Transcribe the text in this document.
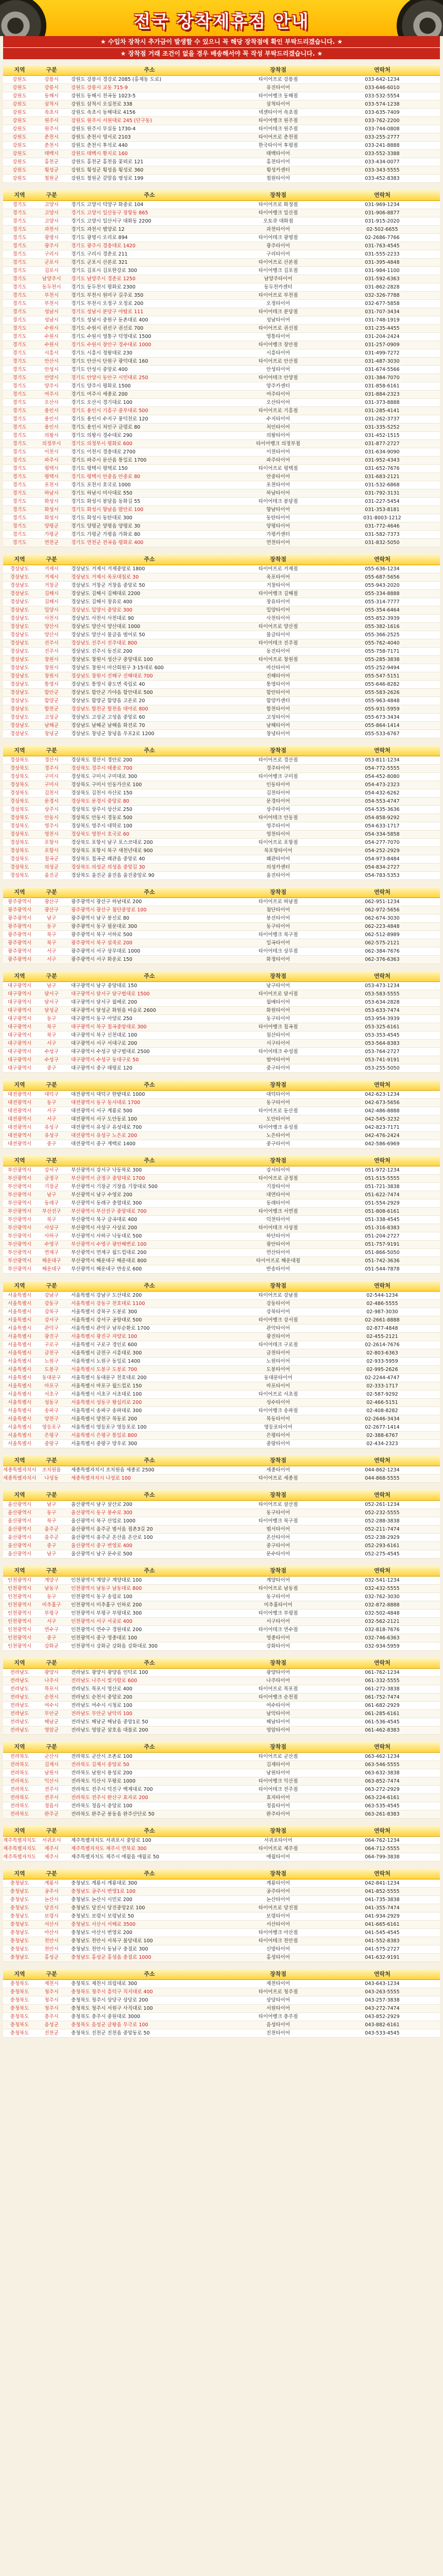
전국 장착제휴점 안내
★ 수입차 장착시 추가금이 발생할 수 있으니 꼭 해당 장착점에 확인 부탁드리겠습니다. ★
★ 장착점 거래 조건이 없을 경우 배송해서야 꼭 작성 부탁드리겠습니다. ★
지역	구분	주소	장착점	연락처
강원도	강릉시	강원도 강릉시 경강로 2085 (홍제동 도로)	타이어프로 강릉점	033-642-1234
강원도	강릉시	강원도 강릉시 교동 715-9	유진타이어	033-646-6010
강원도	동해시	강원도 동해시 천곡동 1023-5	타이어뱅크 동해점	033-532-5554
강원도	삼척시	강원도 삼척시 오십천로 338	삼척타이어	033-574-1238
강원도	속초시	강원도 속초시 동해대로 4156	넥센타이어 속초점	033-635-7409
강원도	원주시	강원도 원주시 서원대로 245 (단구동)	타이어뱅크 원주점	033-762-2200
강원도	원주시	강원도 원주시 무실동 1730-4	타이어테크 원주점	033-744-0808
강원도	춘천시	강원도 춘천시 영서로 2103	타이어프로 춘천점	033-255-2777
강원도	춘천시	강원도 춘천시 후석로 440	한국타이어 후평점	033-241-8888
강원도	태백시	강원도 태백시 황지로 160	태백타이어	033-552-3388
강원도	홍천군	강원도 홍천군 홍천읍 꽃뫼로 121	홍천타이어	033-434-0077
강원도	횡성군	강원도 횡성군 횡성읍 횡성로 360	횡성카센터	033-343-5555
강원도	철원군	강원도 철원군 갈말읍 명성로 199	철원타이어	033-452-8383
지역	구분	주소	장착점	연락처
경기도	고양시	경기도 고양시 덕양구 화중로 104	타이어프로 화정점	031-969-1234
경기도	고양시	경기도 고양시 일산동구 장항동 865	타이어뱅크 일산점	031-906-8877
경기도	고양시	경기도 고양시 일산서구 대화동 2200	오토큐 대화점	031-915-2020
경기도	과천시	경기도 과천시 별양로 12	과천타이어	02-502-6655
경기도	광명시	경기도 광명시 오리로 894	타이어테크 광명점	02-2686-7766
경기도	광주시	경기도 광주시 경충대로 1420	광주타이어	031-763-4545
경기도	구리시	경기도 구리시 경춘로 211	구리타이어	031-555-2233
경기도	군포시	경기도 군포시 산본로 321	타이어프로 산본점	031-395-4848
경기도	김포시	경기도 김포시 김포한강로 300	타이어뱅크 김포점	031-984-1100
경기도	남양주시	경기도 남양주시 경춘로 1250	남양주타이어	031-592-6363
경기도	동두천시	경기도 동두천시 평화로 2300	동두천카센터	031-862-2828
경기도	부천시	경기도 부천시 원미구 길주로 350	타이어프로 부천점	032-326-7788
경기도	부천시	경기도 부천시 오정구 오정로 200	오정타이어	032-677-5858
경기도	성남시	경기도 성남시 분당구 야탑로 111	타이어테크 분당점	031-707-3434
경기도	성남시	경기도 성남시 중원구 둔촌대로 400	성남타이어	031-748-1919
경기도	수원시	경기도 수원시 권선구 권선로 700	타이어프로 권선점	031-235-4455
경기도	수원시	경기도 수원시 영통구 덕영대로 1500	영통타이어	031-204-2424
경기도	수원시	경기도 수원시 장안구 경수대로 1000	타이어뱅크 장안점	031-257-0909
경기도	시흥시	경기도 시흥시 정왕대로 230	시흥타이어	031-499-7272
경기도	안산시	경기도 안산시 단원구 광덕대로 160	타이어프로 안산점	031-487-3030
경기도	안성시	경기도 안성시 중앙로 400	안성타이어	031-674-5566
경기도	안양시	경기도 안양시 동안구 시민대로 250	타이어테크 안양점	031-384-7070
경기도	양주시	경기도 양주시 평화로 1500	양주카센터	031-858-6161
경기도	여주시	경기도 여주시 세종로 200	여주타이어	031-884-2323
경기도	오산시	경기도 오산시 경기대로 100	오산타이어	031-373-8888
경기도	용인시	경기도 용인시 기흥구 중부대로 500	타이어프로 기흥점	031-285-4141
경기도	용인시	경기도 용인시 수지구 풍덕천로 120	수지타이어	031-262-3737
경기도	용인시	경기도 용인시 처인구 금령로 80	처인타이어	031-335-5252
경기도	의왕시	경기도 의왕시 경수대로 290	의왕타이어	031-452-1515
경기도	의정부시	경기도 의정부시 평화로 600	타이어뱅크 의정부점	031-877-2727
경기도	이천시	경기도 이천시 경충대로 2700	이천타이어	031-634-9090
경기도	파주시	경기도 파주시 문산읍 통일로 1700	파주타이어	031-952-4343
경기도	평택시	경기도 평택시 평택로 150	타이어프로 평택점	031-652-7676
경기도	평택시	경기도 평택시 안중읍 안중로 80	안중타이어	031-683-2121
경기도	포천시	경기도 포천시 호국로 1000	포천타이어	031-532-6868
경기도	하남시	경기도 하남시 미사대로 550	하남타이어	031-792-3131
경기도	화성시	경기도 화성시 봉담읍 동화길 55	타이어테크 봉담점	031-227-5454
경기도	화성시	경기도 화성시 향남읍 발안로 100	향남타이어	031-353-8181
경기도	화성시	경기도 화성시 동탄대로 300	동탄타이어	031-8003-1212
경기도	양평군	경기도 양평군 양평읍 양평로 30	양평타이어	031-772-4646
경기도	가평군	경기도 가평군 가평읍 가화로 80	가평카센터	031-582-7373
경기도	연천군	경기도 연천군 전곡읍 평화로 400	연천타이어	031-832-5050
지역	구분	주소	장착점	연락처
경상남도	거제시	경상남도 거제시 거제중앙로 1800	타이어프로 거제점	055-636-1234
경상남도	거제시	경상남도 거제시 옥포대첩로 30	옥포타이어	055-687-5656
경상남도	거창군	경상남도 거창군 거창읍 중앙로 50	거창타이어	055-943-2020
경상남도	김해시	경상남도 김해시 김해대로 2200	타이어뱅크 김해점	055-334-8888
경상남도	김해시	경상남도 김해시 장유로 400	장유타이어	055-314-7777
경상남도	밀양시	경상남도 밀양시 중앙로 300	밀양타이어	055-354-6464
경상남도	사천시	경상남도 사천시 사천대로 90	사천타이어	055-852-3939
경상남도	양산시	경상남도 양산시 양산대로 1000	타이어프로 양산점	055-382-1616
경상남도	양산시	경상남도 양산시 물금읍 범어로 50	물금타이어	055-366-2525
경상남도	진주시	경상남도 진주시 진주대로 800	타이어테크 진주점	055-762-4040
경상남도	진주시	경상남도 진주시 동진로 200	동진타이어	055-758-7171
경상남도	창원시	경상남도 창원시 성산구 중앙대로 100	타이어프로 창원점	055-285-3838
경상남도	창원시	경상남도 창원시 마산회원구 3·15대로 600	마산타이어	055-252-9494
경상남도	창원시	경상남도 창원시 진해구 진해대로 700	진해타이어	055-547-5151
경상남도	통영시	경상남도 통영시 광도면 죽림로 40	통영타이어	055-646-8282
경상남도	함안군	경상남도 함안군 가야읍 함안대로 500	함안타이어	055-583-2626
경상남도	함양군	경상남도 함양군 함양읍 고운로 20	함양카센터	055-963-4848
경상남도	합천군	경상남도 합천군 합천읍 대야로 800	합천타이어	055-931-5959
경상남도	고성군	경상남도 고성군 고성읍 중앙로 60	고성타이어	055-673-3434
경상남도	남해군	경상남도 남해군 남해읍 화전로 70	남해타이어	055-864-1414
경상남도	창녕군	경상남도 창녕군 창녕읍 우포2로 1200	창녕타이어	055-533-6767
지역	구분	주소	장착점	연락처
경상북도	경산시	경상북도 경산시 경안로 200	타이어프로 경산점	053-811-1234
경상북도	경주시	경상북도 경주시 태종로 700	경주타이어	054-772-5555
경상북도	구미시	경상북도 구미시 구미대로 300	타이어뱅크 구미점	054-452-8080
경상북도	구미시	경상북도 구미시 인동가산로 100	인동타이어	054-473-2323
경상북도	김천시	경상북도 김천시 자산로 150	김천타이어	054-432-6262
경상북도	문경시	경상북도 문경시 중앙로 80	문경타이어	054-553-4747
경상북도	상주시	경상북도 상주시 상산로 250	상주타이어	054-535-3636
경상북도	안동시	경상북도 안동시 경동로 500	타이어테크 안동점	054-858-9292
경상북도	영주시	경상북도 영주시 대학로 100	영주타이어	054-633-1717
경상북도	영천시	경상북도 영천시 호국로 60	영천타이어	054-334-5858
경상북도	포항시	경상북도 포항시 남구 포스코대로 200	타이어프로 포항점	054-277-7070
경상북도	포항시	경상북도 포항시 북구 새천년대로 900	북포항타이어	054-252-2929
경상북도	칠곡군	경상북도 칠곡군 왜관읍 중앙로 40	왜관타이어	054-973-8484
경상북도	의성군	경상북도 의성군 의성읍 중앙길 30	의성카센터	054-834-2727
경상북도	울진군	경상북도 울진군 울진읍 울진중앙로 90	울진타이어	054-783-5353
지역	구분	주소	장착점	연락처
광주광역시	광산구	광주광역시 광산구 하남대로 200	타이어프로 하남점	062-951-1234
광주광역시	광산구	광주광역시 광산구 첨단중앙로 100	첨단타이어	062-972-5656
광주광역시	남구	광주광역시 남구 봉선로 80	봉선타이어	062-674-3030
광주광역시	동구	광주광역시 동구 필문대로 300	동구타이어	062-223-4848
광주광역시	북구	광주광역시 북구 서하로 500	타이어뱅크 북구점	062-512-8989
광주광역시	북구	광주광역시 북구 설죽로 200	일곡타이어	062-575-2121
광주광역시	서구	광주광역시 서구 상무대로 1000	타이어테크 상무점	062-384-7676
광주광역시	서구	광주광역시 서구 화운로 150	화정타이어	062-376-6363
지역	구분	주소	장착점	연락처
대구광역시	남구	대구광역시 남구 중앙대로 150	남구타이어	053-473-1234
대구광역시	달서구	대구광역시 달서구 달구벌대로 1500	타이어프로 달서점	053-583-5555
대구광역시	달서구	대구광역시 달서구 월배로 200	월배타이어	053-634-2828
대구광역시	달성군	대구광역시 달성군 화원읍 비슬로 2600	화원타이어	053-633-7474
대구광역시	동구	대구광역시 동구 아양로 250	동구타이어	053-954-3939
대구광역시	북구	대구광역시 북구 칠곡중앙대로 300	타이어뱅크 칠곡점	053-325-6161
대구광역시	북구	대구광역시 북구 신천대로 100	침산타이어	053-353-4545
대구광역시	서구	대구광역시 서구 서대구로 200	서구타이어	053-564-8383
대구광역시	수성구	대구광역시 수성구 달구벌대로 2500	타이어테크 수성점	053-764-2727
대구광역시	수성구	대구광역시 수성구 동대구로 50	범어타이어	053-741-9191
대구광역시	중구	대구광역시 중구 태평로 120	중구타이어	053-255-5050
지역	구분	주소	장착점	연락처
대전광역시	대덕구	대전광역시 대덕구 한밭대로 1000	대덕타이어	042-623-1234
대전광역시	동구	대전광역시 동구 동서대로 1700	동구타이어	042-673-5656
대전광역시	서구	대전광역시 서구 계룡로 500	타이어프로 둔산점	042-486-8888
대전광역시	서구	대전광역시 서구 도안동로 100	도안타이어	042-545-3232
대전광역시	유성구	대전광역시 유성구 유성대로 700	타이어뱅크 유성점	042-823-7171
대전광역시	유성구	대전광역시 유성구 노은로 200	노은타이어	042-476-2424
대전광역시	중구	대전광역시 중구 계백로 1400	중구타이어	042-586-6969
지역	구분	주소	장착점	연락처
부산광역시	강서구	부산광역시 강서구 낙동북로 300	강서타이어	051-972-1234
부산광역시	금정구	부산광역시 금정구 중앙대로 1700	타이어프로 금정점	051-515-5555
부산광역시	기장군	부산광역시 기장군 기장읍 기장대로 500	기장타이어	051-721-3838
부산광역시	남구	부산광역시 남구 수영로 200	대연타이어	051-622-7474
부산광역시	동래구	부산광역시 동래구 충렬대로 300	동래타이어	051-554-2929
부산광역시	부산진구	부산광역시 부산진구 중앙대로 700	타이어뱅크 서면점	051-808-6161
부산광역시	북구	부산광역시 북구 금곡대로 400	덕천타이어	051-338-4545
부산광역시	사상구	부산광역시 사상구 사상로 200	타이어테크 사상점	051-316-8383
부산광역시	사하구	부산광역시 사하구 낙동대로 500	하단타이어	051-204-2727
부산광역시	수영구	부산광역시 수영구 광안해변로 100	광안타이어	051-757-9191
부산광역시	연제구	부산광역시 연제구 월드컵대로 200	연산타이어	051-866-5050
부산광역시	해운대구	부산광역시 해운대구 해운대로 800	타이어프로 해운대점	051-742-3636
부산광역시	해운대구	부산광역시 해운대구 반송로 600	반송타이어	051-544-7878
지역	구분	주소	장착점	연락처
서울특별시	강남구	서울특별시 강남구 도산대로 200	타이어프로 강남점	02-544-1234
서울특별시	강동구	서울특별시 강동구 천호대로 1100	강동타이어	02-486-5555
서울특별시	강북구	서울특별시 강북구 도봉로 300	강북타이어	02-987-3030
서울특별시	강서구	서울특별시 강서구 공항대로 500	타이어뱅크 강서점	02-2661-8888
서울특별시	관악구	서울특별시 관악구 남부순환로 1700	관악타이어	02-877-4848
서울특별시	광진구	서울특별시 광진구 자양로 100	광진타이어	02-455-2121
서울특별시	구로구	서울특별시 구로구 경인로 600	타이어테크 구로점	02-2614-7676
서울특별시	금천구	서울특별시 금천구 시흥대로 300	금천타이어	02-803-6363
서울특별시	노원구	서울특별시 노원구 동일로 1400	노원타이어	02-933-5959
서울특별시	도봉구	서울특별시 도봉구 도봉로 700	도봉타이어	02-995-2626
서울특별시	동대문구	서울특별시 동대문구 천호대로 200	동대문타이어	02-2244-4747
서울특별시	마포구	서울특별시 마포구 월드컵로 150	마포타이어	02-333-1717
서울특별시	서초구	서울특별시 서초구 서초대로 100	타이어프로 서초점	02-587-9292
서울특별시	성동구	서울특별시 성동구 왕십리로 200	성수타이어	02-466-5151
서울특별시	송파구	서울특별시 송파구 송파대로 300	타이어뱅크 송파점	02-408-8282
서울특별시	양천구	서울특별시 양천구 목동로 200	목동타이어	02-2646-3434
서울특별시	영등포구	서울특별시 영등포구 영등포로 100	영등포타이어	02-2677-1414
서울특별시	은평구	서울특별시 은평구 통일로 800	은평타이어	02-388-6767
서울특별시	중랑구	서울특별시 중랑구 망우로 300	중랑타이어	02-434-2323
지역	구분	주소	장착점	연락처
세종특별자치시	조치원읍	세종특별자치시 조치원읍 세종로 2500	세종타이어	044-862-1234
세종특별자치시	나성동	세종특별자치시 나성로 100	타이어프로 세종점	044-868-5555
지역	구분	주소	장착점	연락처
울산광역시	남구	울산광역시 남구 삼산로 200	타이어프로 삼산점	052-261-1234
울산광역시	동구	울산광역시 동구 봉수로 300	동구타이어	052-232-5555
울산광역시	북구	울산광역시 북구 산업로 1000	타이어뱅크 북구점	052-288-3838
울산광역시	울주군	울산광역시 울주군 범서읍 점촌3길 20	범서타이어	052-211-7474
울산광역시	울주군	울산광역시 울주군 온산읍 온산로 100	온산타이어	052-238-2929
울산광역시	중구	울산광역시 중구 번영로 400	중구타이어	052-293-6161
울산광역시	남구	울산광역시 남구 문수로 500	문수타이어	052-275-4545
지역	구분	주소	장착점	연락처
인천광역시	계양구	인천광역시 계양구 계양대로 100	계양타이어	032-541-1234
인천광역시	남동구	인천광역시 남동구 남동대로 800	타이어프로 남동점	032-432-5555
인천광역시	동구	인천광역시 동구 송림로 100	동구타이어	032-762-3030
인천광역시	미추홀구	인천광역시 미추홀구 인하로 200	미추홀타이어	032-872-8888
인천광역시	부평구	인천광역시 부평구 부평대로 300	타이어뱅크 부평점	032-502-4848
인천광역시	서구	인천광역시 서구 서곶로 400	서구타이어	032-562-2121
인천광역시	연수구	인천광역시 연수구 경원대로 200	타이어테크 연수점	032-818-7676
인천광역시	중구	인천광역시 중구 영종대로 100	영종타이어	032-746-6363
인천광역시	강화군	인천광역시 강화군 강화읍 강화대로 300	강화타이어	032-934-5959
지역	구분	주소	장착점	연락처
전라남도	광양시	전라남도 광양시 광양읍 인덕로 100	광양타이어	061-762-1234
전라남도	나주시	전라남도 나주시 빛가람로 600	나주타이어	061-332-5555
전라남도	목포시	전라남도 목포시 영산로 400	타이어프로 목포점	061-272-3838
전라남도	순천시	전라남도 순천시 중앙로 200	타이어뱅크 순천점	061-752-7474
전라남도	여수시	전라남도 여수시 시청로 100	여수타이어	061-682-2929
전라남도	무안군	전라남도 무안군 남악리 100	남악타이어	061-285-6161
전라남도	해남군	전라남도 해남군 해남읍 중앙1로 50	해남타이어	061-536-4545
전라남도	영암군	전라남도 영암군 삼호읍 대불로 200	영암타이어	061-462-8383
지역	구분	주소	장착점	연락처
전라북도	군산시	전라북도 군산시 조촌로 100	타이어프로 군산점	063-462-1234
전라북도	김제시	전라북도 김제시 중앙로 50	김제타이어	063-546-5555
전라북도	남원시	전라북도 남원시 용성로 200	남원타이어	063-632-3838
전라북도	익산시	전라북도 익산시 무왕로 1000	타이어뱅크 익산점	063-852-7474
전라북도	전주시	전라북도 전주시 덕진구 백제대로 700	타이어테크 전주점	063-272-2929
전라북도	전주시	전라북도 전주시 완산구 효자로 200	효자타이어	063-224-6161
전라북도	정읍시	전라북도 정읍시 중앙로 100	정읍타이어	063-535-4545
전라북도	완주군	전라북도 완주군 봉동읍 완주산단로 50	완주타이어	063-261-8383
지역	구분	주소	장착점	연락처
제주특별자치도	서귀포시	제주특별자치도 서귀포시 중앙로 100	서귀포타이어	064-762-1234
제주특별자치도	제주시	제주특별자치도 제주시 연북로 300	타이어프로 제주점	064-712-5555
제주특별자치도	제주시	제주특별자치도 제주시 애월읍 애월로 50	애월타이어	064-799-3838
지역	구분	주소	장착점	연락처
충청남도	계룡시	충청남도 계룡시 계룡대로 300	계룡타이어	042-841-1234
충청남도	공주시	충청남도 공주시 번영1로 100	공주타이어	041-852-5555
충청남도	논산시	충청남도 논산시 시민로 200	논산타이어	041-735-3838
충청남도	당진시	충청남도 당진시 당진중앙2로 100	타이어프로 당진점	041-355-7474
충청남도	보령시	충청남도 보령시 보령남로 50	보령타이어	041-934-2929
충청남도	서산시	충청남도 서산시 서해로 3500	서산타이어	041-665-6161
충청남도	아산시	충청남도 아산시 번영로 200	타이어뱅크 아산점	041-545-4545
충청남도	천안시	충청남도 천안시 서북구 불당대로 100	타이어테크 천안점	041-552-8383
충청남도	천안시	충청남도 천안시 동남구 충절로 300	신방타이어	041-575-2727
충청남도	홍성군	충청남도 홍성군 홍성읍 충절로 1000	홍성타이어	041-632-9191
지역	구분	주소	장착점	연락처
충청북도	제천시	충청북도 제천시 의림대로 300	제천타이어	043-643-1234
충청북도	청주시	충청북도 청주시 흥덕구 직지대로 400	타이어프로 청주점	043-263-5555
충청북도	청주시	충청북도 청주시 상당구 상당로 200	상당타이어	043-257-3838
충청북도	청주시	충청북도 청주시 서원구 사직대로 100	서원타이어	043-272-7474
충청북도	충주시	충청북도 충주시 중원대로 3000	타이어뱅크 충주점	043-852-2929
충청북도	음성군	충청북도 음성군 금왕읍 무극로 100	음성타이어	043-882-6161
충청북도	진천군	충청북도 진천군 진천읍 중앙동로 50	진천타이어	043-533-4545
